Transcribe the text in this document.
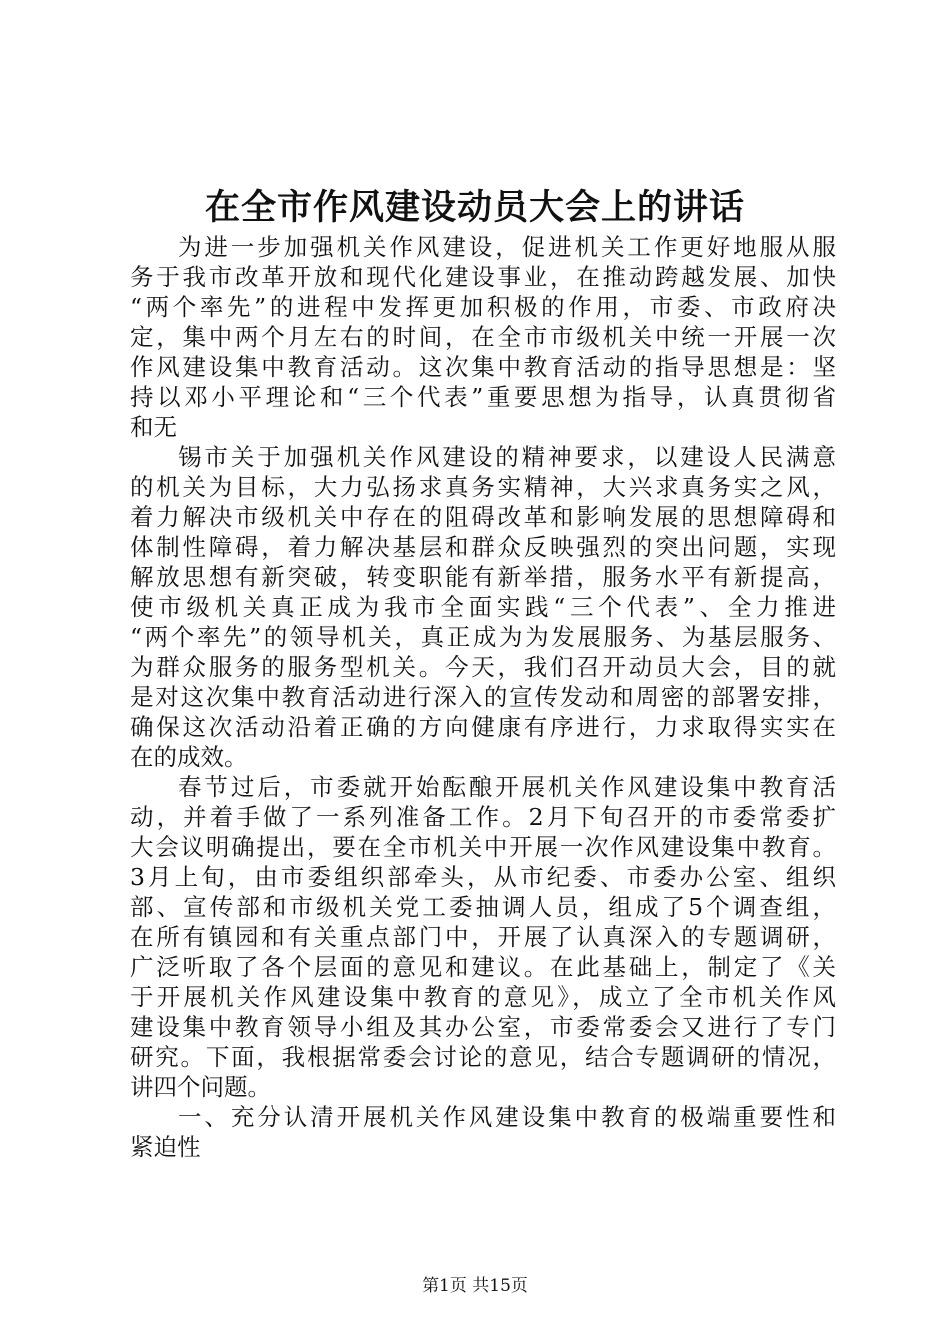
在全市作风建设动员大会上的讲话
为进一步加强机关作风建设，促进机关工作更好地服从服
务于我市改革开放和现代化建设事业，在推动跨越发展、加快
“两个率先”的进程中发挥更加积极的作用，市委、市政府决
定，集中两个月左右的时间，在全市市级机关中统一开展一次
作风建设集中教育活动。这次集中教育活动的指导思想是：坚
持以邓小平理论和“三个代表”重要思想为指导，认真贯彻省
和无
锡市关于加强机关作风建设的精神要求，以建设人民满意
的机关为目标，大力弘扬求真务实精神，大兴求真务实之风，
着力解决市级机关中存在的阻碍改革和影响发展的思想障碍和
体制性障碍，着力解决基层和群众反映强烈的突出问题，实现
解放思想有新突破，转变职能有新举措，服务水平有新提高，
使市级机关真正成为我市全面实践“三个代表”、全力推进
“两个率先”的领导机关，真正成为为发展服务、为基层服务、
为群众服务的服务型机关。今天，我们召开动员大会，目的就
是对这次集中教育活动进行深入的宣传发动和周密的部署安排，
确保这次活动沿着正确的方向健康有序进行，力求取得实实在
在的成效。
春节过后，市委就开始酝酿开展机关作风建设集中教育活
动，并着手做了一系列准备工作。2月下旬召开的市委常委扩
大会议明确提出，要在全市机关中开展一次作风建设集中教育。
3月上旬，由市委组织部牵头，从市纪委、市委办公室、组织
部、宣传部和市级机关党工委抽调人员，组成了5个调查组，
在所有镇园和有关重点部门中，开展了认真深入的专题调研，
广泛听取了各个层面的意见和建议。在此基础上，制定了《关
于开展机关作风建设集中教育的意见》，成立了全市机关作风
建设集中教育领导小组及其办公室，市委常委会又进行了专门
研究。下面，我根据常委会讨论的意见，结合专题调研的情况，
讲四个问题。
一、充分认清开展机关作风建设集中教育的极端重要性和
紧迫性
第1页 共15页
